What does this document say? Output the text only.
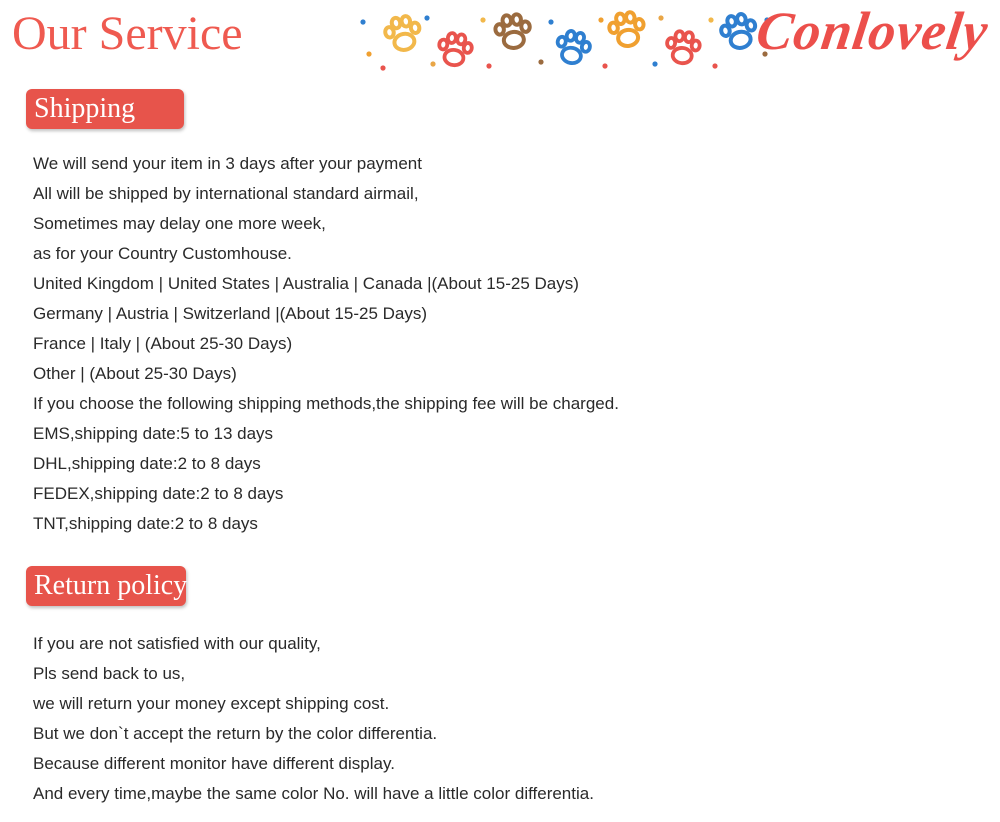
Our Service	Conlovely
Shipping
We will send your item in 3 days after your payment
All will be shipped by international standard airmail,
Sometimes may delay one more week,
as for your Country Customhouse.
United Kingdom | United States | Australia | Canada |(About 15-25 Days)
Germany | Austria | Switzerland |(About 15-25 Days)
France | Italy | (About 25-30 Days)
Other | (About 25-30 Days)
If you choose the following shipping methods,the shipping fee will be charged.
EMS,shipping date:5 to 13 days
DHL,shipping date:2 to 8 days
FEDEX,shipping date:2 to 8 days
TNT,shipping date:2 to 8 days
Return policy
If you are not satisfied with our quality,
Pls send back to us,
we will return your money except shipping cost.
But we don`t accept the return by the color differentia.
Because different monitor have different display.
And every time,maybe the same color No. will have a little color differentia.
